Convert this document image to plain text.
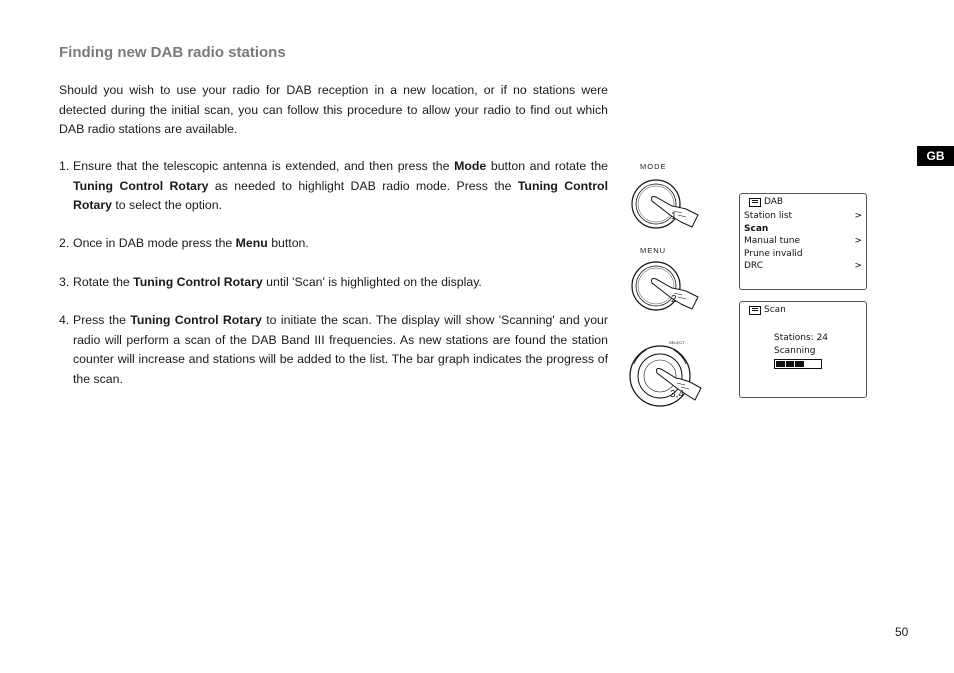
Finding new DAB radio stations

Should you wish to use your radio for DAB reception in a new location, or if no stations were detected during the initial scan, you can follow this procedure to allow your radio to find out which DAB radio stations are available.

1. Ensure that the telescopic antenna is extended, and then press the Mode button and rotate the Tuning Control Rotary as needed to highlight DAB radio mode. Press the Tuning Control Rotary to select the option.

2. Once in DAB mode press the Menu button.

3. Rotate the Tuning Control Rotary until 'Scan' is highlighted on the display.

4. Press the Tuning Control Rotary to initiate the scan. The display will show 'Scanning' and your radio will perform a scan of the DAB Band III frequencies. As new stations are found the station counter will increase and stations will be added to the list. The bar graph indicates the progress of the scan.

MODE
1
MENU
2
SELECT
3,4
DAB
Station list	>
Scan
Manual tune	>
Prune invalid
DRC	>
Scan
Stations: 24
Scanning
GB
50
